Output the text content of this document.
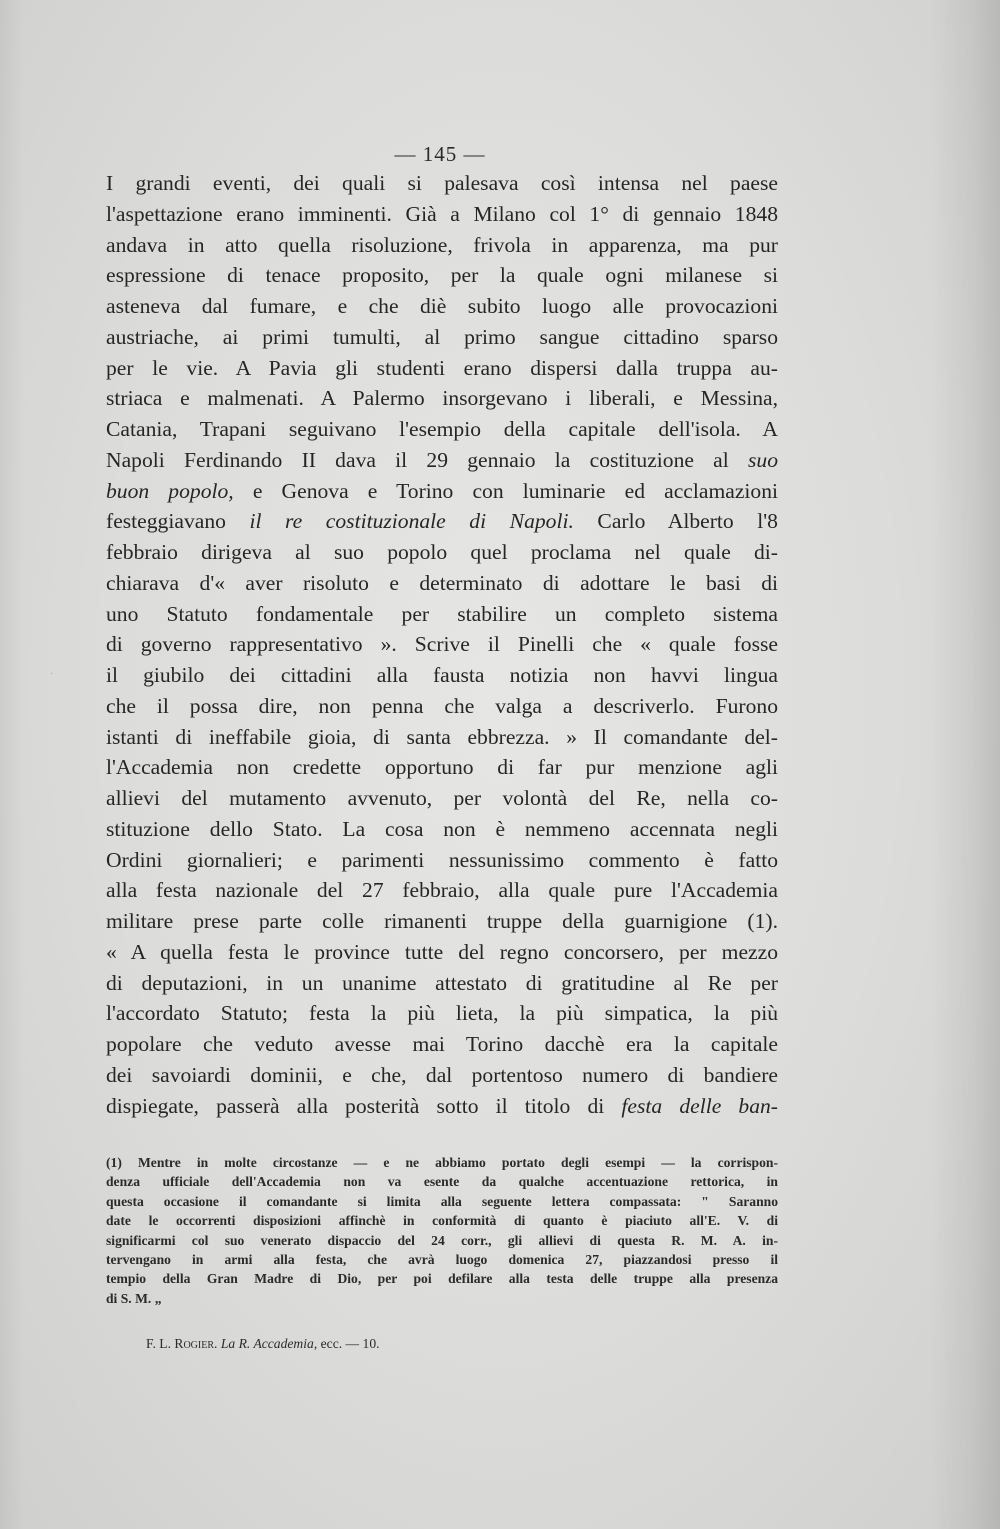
·
— 145 —
I grandi eventi, dei quali si palesava così intensa nel paese
l'aspettazione erano imminenti. Già a Milano col 1° di gennaio 1848
andava in atto quella risoluzione, frivola in apparenza, ma pur
espressione di tenace proposito, per la quale ogni milanese si
asteneva dal fumare, e che diè subito luogo alle provocazioni
austriache, ai primi tumulti, al primo sangue cittadino sparso
per le vie. A Pavia gli studenti erano dispersi dalla truppa au-
striaca e malmenati. A Palermo insorgevano i liberali, e Messina,
Catania, Trapani seguivano l'esempio della capitale dell'isola. A
Napoli Ferdinando II dava il 29 gennaio la costituzione al suo
buon popolo, e Genova e Torino con luminarie ed acclamazioni
festeggiavano il re costituzionale di Napoli. Carlo Alberto l'8
febbraio dirigeva al suo popolo quel proclama nel quale di-
chiarava d'« aver risoluto e determinato di adottare le basi di
uno Statuto fondamentale per stabilire un completo sistema
di governo rappresentativo ». Scrive il Pinelli che « quale fosse
il giubilo dei cittadini alla fausta notizia non havvi lingua
che il possa dire, non penna che valga a descriverlo. Furono
istanti di ineffabile gioia, di santa ebbrezza. » Il comandante del-
l'Accademia non credette opportuno di far pur menzione agli
allievi del mutamento avvenuto, per volontà del Re, nella co-
stituzione dello Stato. La cosa non è nemmeno accennata negli
Ordini giornalieri; e parimenti nessunissimo commento è fatto
alla festa nazionale del 27 febbraio, alla quale pure l'Accademia
militare prese parte colle rimanenti truppe della guarnigione (1).
« A quella festa le province tutte del regno concorsero, per mezzo
di deputazioni, in un unanime attestato di gratitudine al Re per
l'accordato Statuto; festa la più lieta, la più simpatica, la più
popolare che veduto avesse mai Torino dacchè era la capitale
dei savoiardi dominii, e che, dal portentoso numero di bandiere
dispiegate, passerà alla posterità sotto il titolo di festa delle ban-
(1) Mentre in molte circostanze — e ne abbiamo portato degli esempi — la corrispon-
denza ufficiale dell'Accademia non va esente da qualche accentuazione rettorica, in
questa occasione il comandante si limita alla seguente lettera compassata: " Saranno
date le occorrenti disposizioni affinchè in conformità di quanto è piaciuto all'E. V. di
significarmi col suo venerato dispaccio del 24 corr., gli allievi di questa R. M. A. in-
tervengano in armi alla festa, che avrà luogo domenica 27, piazzandosi presso il
tempio della Gran Madre di Dio, per poi defilare alla testa delle truppe alla presenza
di S. M. „
F. L. Rogier. La R. Accademia, ecc. — 10.
